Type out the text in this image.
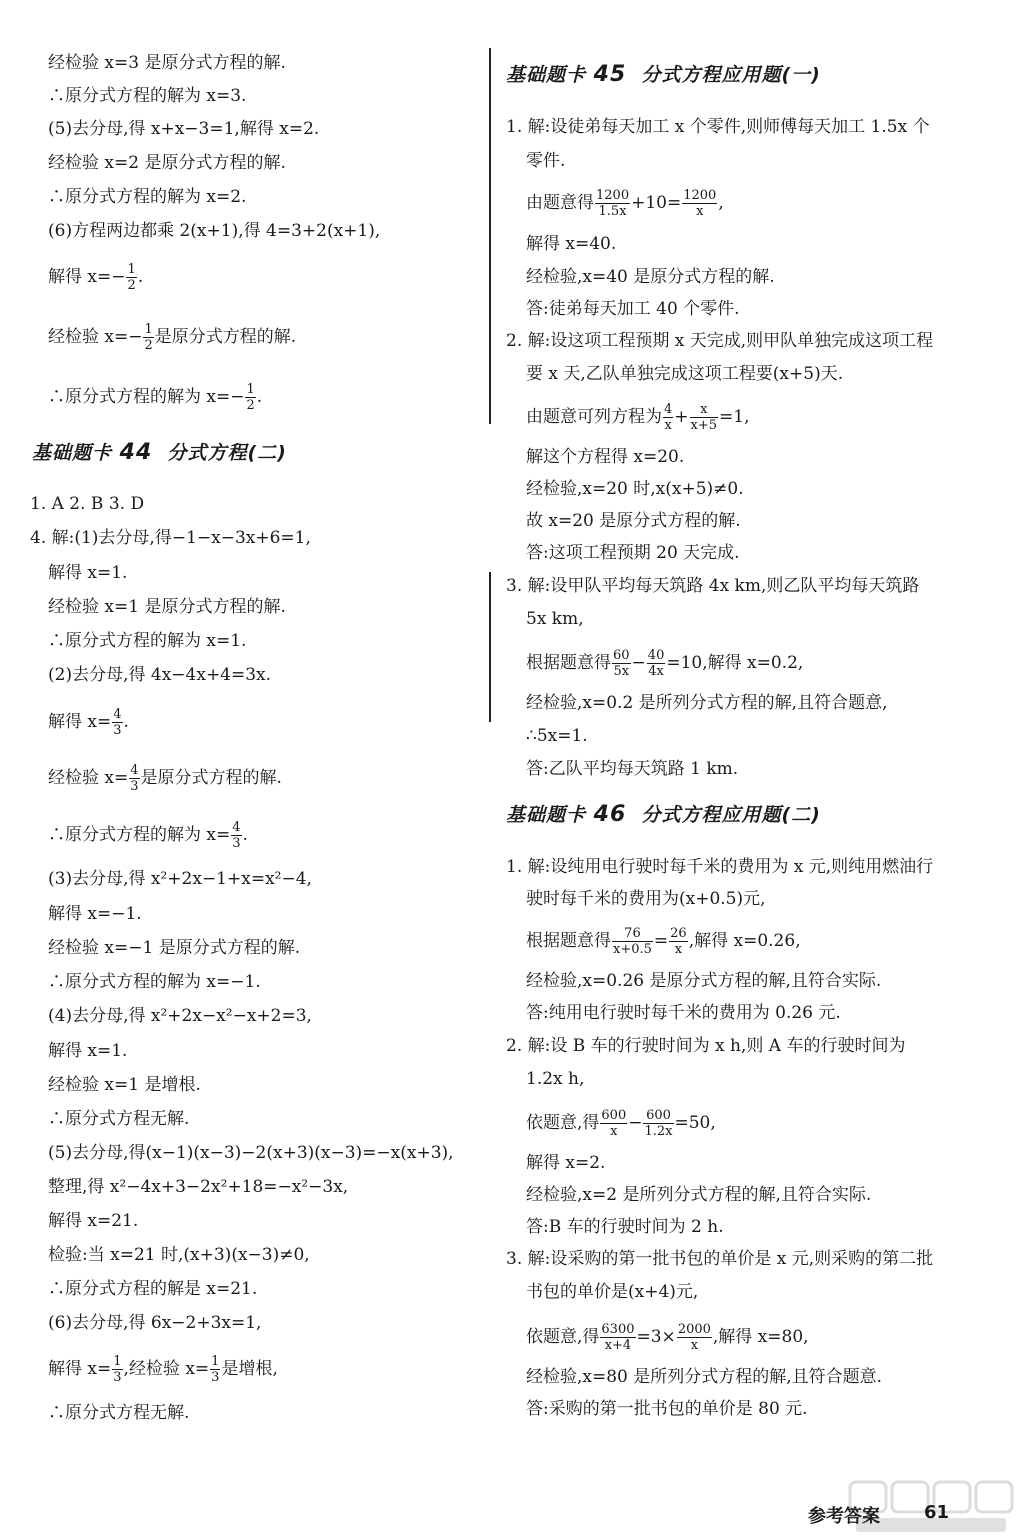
经检验 x=3 是原分式方程的解.
∴原分式方程的解为 x=3.
(5)去分母,得 x+x−3=1,解得 x=2.
经检验 x=2 是原分式方程的解.
∴原分式方程的解为 x=2.
(6)方程两边都乘 2(x+1),得 4=3+2(x+1),
解得 $x=- \frac{1}{2}$ .
经检验 $x=- \frac{1}{2}$ 是原分式方程的解.
∴原分式方程的解为 $x=- \frac{1}{2}$ .
基础题卡 44 分式方程(二)
1. A 2. B 3. D
4. 解:(1)去分母,得−1−x−3x+6=1,
解得 x=1.
经检验 x=1 是原分式方程的解.
∴原分式方程的解为 x=1.
(2)去分母,得 4x−4x+4=3x.
解得 $x= \frac{4}{3}$ .
经检验 $x= \frac{4}{3}$ 是原分式方程的解.
∴原分式方程的解为 $x= \frac{4}{3}$ .
(3)去分母,得 x²+2x−1+x=x²−4,
解得 x=−1.
经检验 x=−1 是原分式方程的解.
∴原分式方程的解为 x=−1.
(4)去分母,得 x²+2x−x²−x+2=3,
解得 x=1.
经检验 x=1 是增根.
∴原分式方程无解.
(5)去分母,得(x−1)(x−3)−2(x+3)(x−3)=−x(x+3),
整理,得 x²−4x+3−2x²+18=−x²−3x,
解得 x=21.
检验:当 x=21 时,(x+3)(x−3)≠0,
∴原分式方程的解是 x=21.
(6)去分母,得 6x−2+3x=1,
解得 $x= \frac{1}{3}$ ,经检验 $x= \frac{1}{3}$ 是增根,
∴原分式方程无解.
基础题卡 45 分式方程应用题(一)
1. 解:设徒弟每天加工 x 个零件,则师傅每天加工 1.5x 个
零件.
由题意得 $\frac{1200}{1.5x} +10= \frac{1200}{x}$ ,
解得 x=40.
经检验,x=40 是原分式方程的解.
答:徒弟每天加工 40 个零件.
2. 解:设这项工程预期 x 天完成,则甲队单独完成这项工程
要 x 天,乙队单独完成这项工程要(x+5)天.
由题意可列方程为 $\frac{4}{x} + \frac{x}{x+5} =1$,
解这个方程得 x=20.
经检验,x=20 时,x(x+5)≠0.
故 x=20 是原分式方程的解.
答:这项工程预期 20 天完成.
3. 解:设甲队平均每天筑路 4x km,则乙队平均每天筑路
5x km,
根据题意得 $\frac{60}{5x} - \frac{40}{4x} =10$,解得 x=0.2,
经检验,x=0.2 是所列分式方程的解,且符合题意,
∴5x=1.
答:乙队平均每天筑路 1 km.
基础题卡 46 分式方程应用题(二)
1. 解:设纯用电行驶时每千米的费用为 x 元,则纯用燃油行
驶时每千米的费用为(x+0.5)元,
根据题意得 $\frac{76}{x+0.5} = \frac{26}{x}$ ,解得 x=0.26,
经检验,x=0.26 是原分式方程的解,且符合实际.
答:纯用电行驶时每千米的费用为 0.26 元.
2. 解:设 B 车的行驶时间为 x h,则 A 车的行驶时间为
1.2x h,
依题意,得 $\frac{600}{x} - \frac{600}{1.2x} =50$,
解得 x=2.
经检验,x=2 是所列分式方程的解,且符合实际.
答:B 车的行驶时间为 2 h.
3. 解:设采购的第一批书包的单价是 x 元,则采购的第二批
书包的单价是(x+4)元,
依题意,得 $\frac{6300}{x+4} =3\times \frac{2000}{x}$ ,解得 x=80,
经检验,x=80 是所列分式方程的解,且符合题意.
答:采购的第一批书包的单价是 80 元.
参考答案 61
